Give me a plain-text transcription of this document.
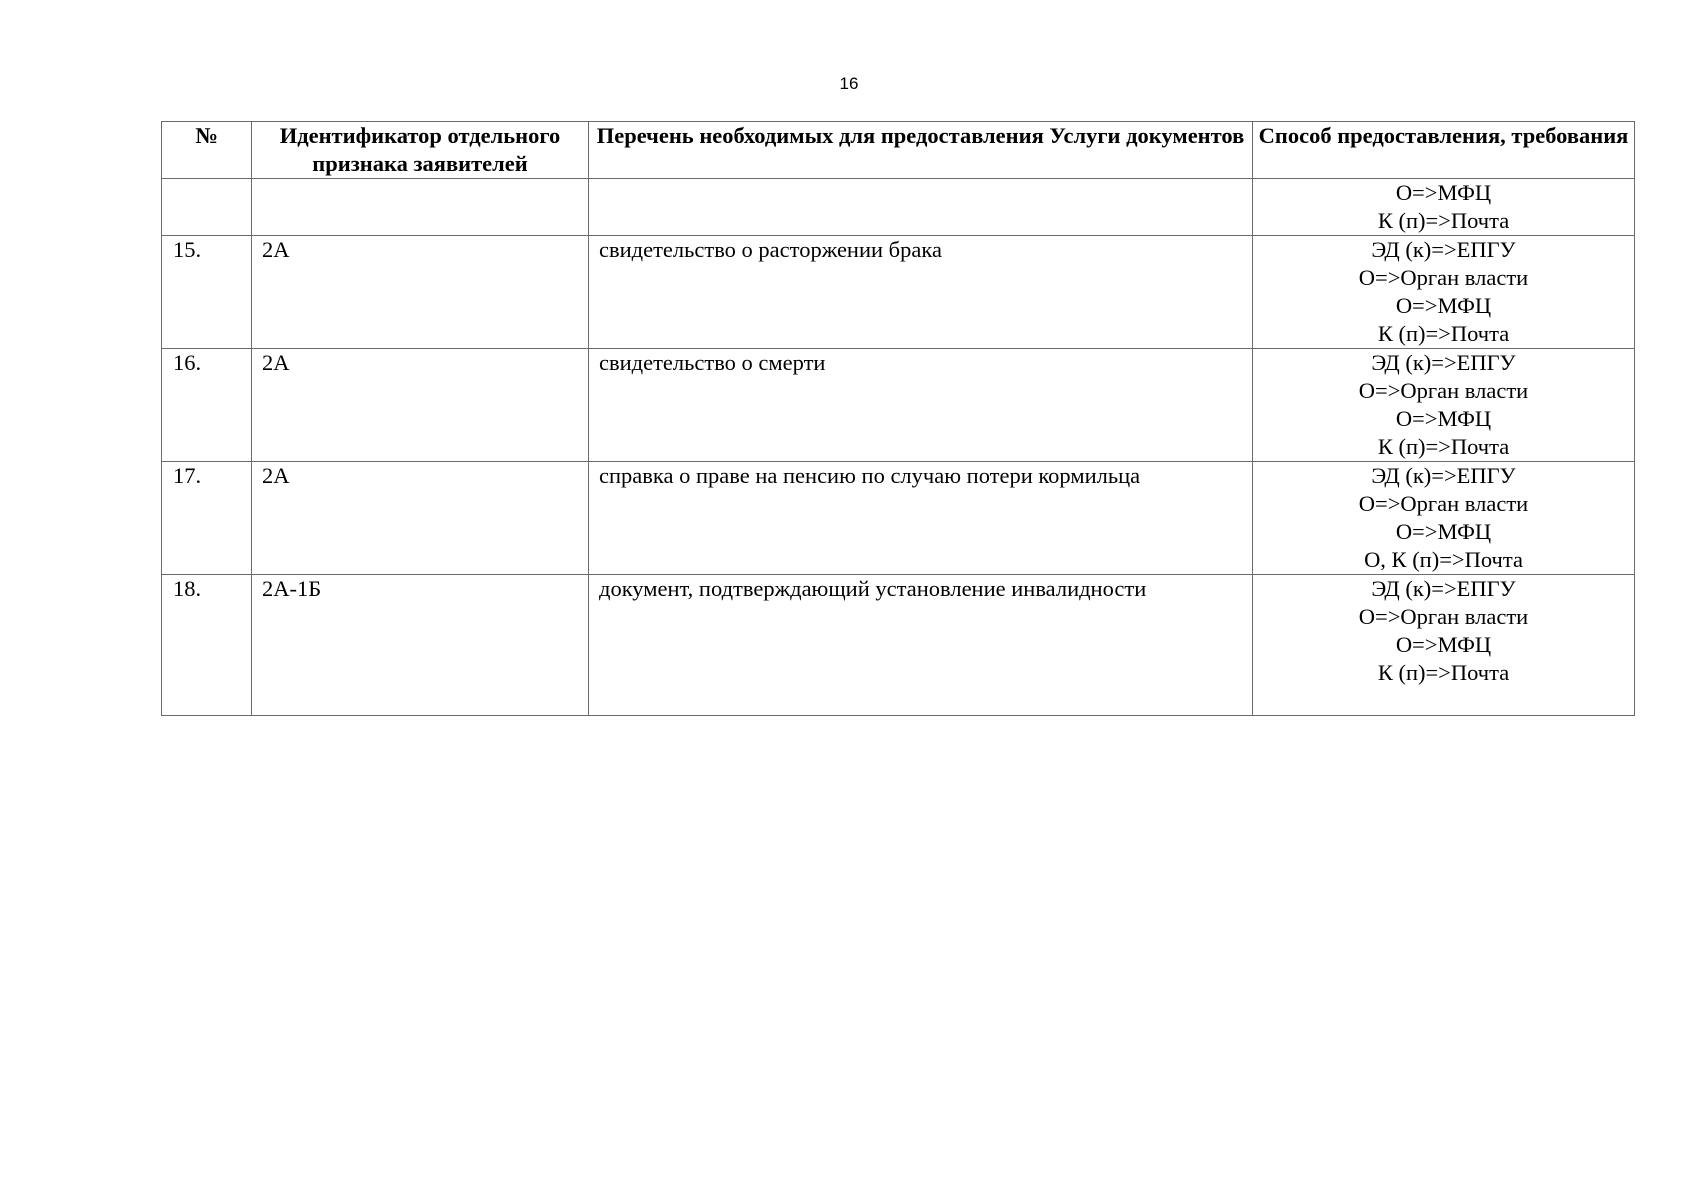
16
№	Идентификатор отдельного признака заявителей	Перечень необходимых для предоставления Услуги документов	Способ предоставления, требования

			О=>МФЦ
К (п)=>Почта

15.	2А	свидетельство о расторжении брака	ЭД (к)=>ЕПГУ
О=>Орган власти
О=>МФЦ
К (п)=>Почта

16.	2А	свидетельство о смерти	ЭД (к)=>ЕПГУ
О=>Орган власти
О=>МФЦ
К (п)=>Почта

17.	2А	справка о праве на пенсию по случаю потери кормильца	ЭД (к)=>ЕПГУ
О=>Орган власти
О=>МФЦ
О, К (п)=>Почта

18.	2А-1Б	документ, подтверждающий установление инвалидности	ЭД (к)=>ЕПГУ
О=>Орган власти
О=>МФЦ
К (п)=>Почта
